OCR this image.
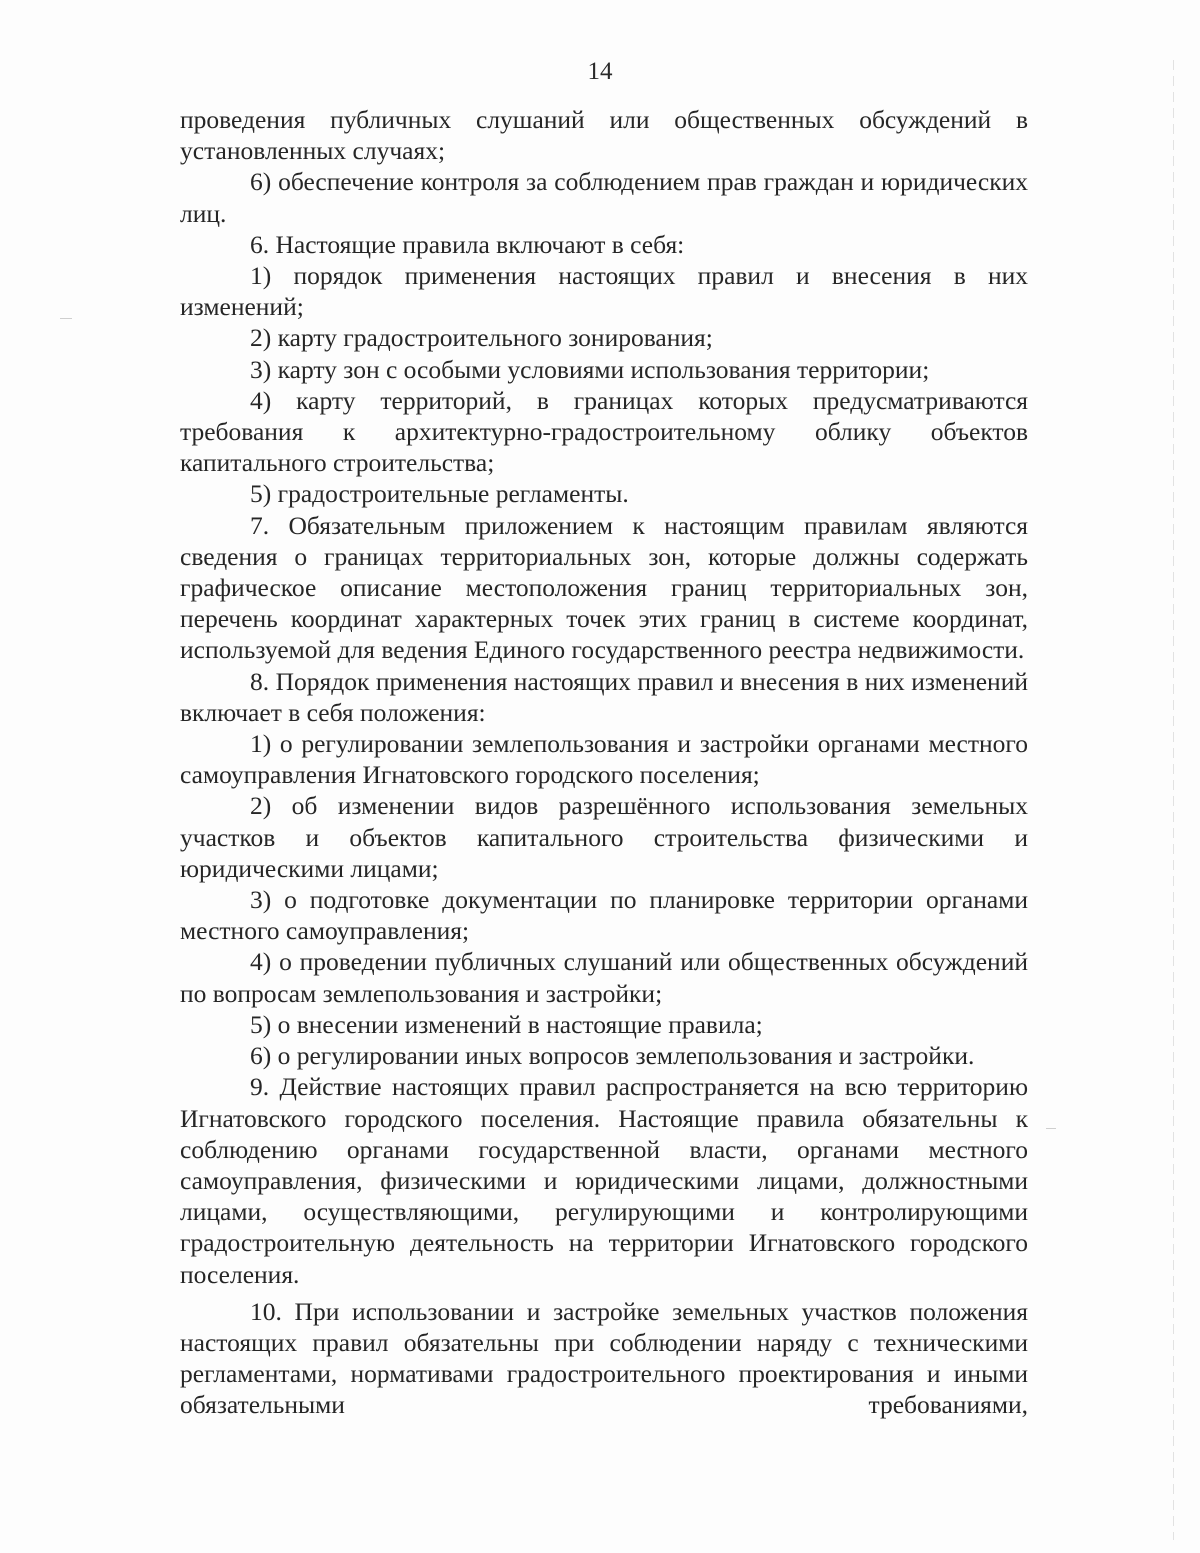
14

проведения публичных слушаний или общественных обсуждений в установленных случаях;

6) обеспечение контроля за соблюдением прав граждан и юридических лиц.

6. Настоящие правила включают в себя:

1) порядок применения настоящих правил и внесения в них изменений;

2) карту градостроительного зонирования;

3) карту зон с особыми условиями использования территории;

4) карту территорий, в границах которых предусматриваются требования к архитектурно-градостроительному облику объектов капитального строительства;

5) градостроительные регламенты.

7. Обязательным приложением к настоящим правилам являются сведения о границах территориальных зон, которые должны содержать графическое описание местоположения границ территориальных зон, перечень координат характерных точек этих границ в системе координат, используемой для ведения Единого государственного реестра недвижимости.

8. Порядок применения настоящих правил и внесения в них изменений включает в себя положения:

1) о регулировании землепользования и застройки органами местного самоуправления Игнатовского городского поселения;

2) об изменении видов разрешённого использования земельных участков и объектов капитального строительства физическими и юридическими лицами;

3) о подготовке документации по планировке территории органами местного самоуправления;

4) о проведении публичных слушаний или общественных обсуждений по вопросам землепользования и застройки;

5) о внесении изменений в настоящие правила;

6) о регулировании иных вопросов землепользования и застройки.

9. Действие настоящих правил распространяется на всю территорию Игнатовского городского поселения. Настоящие правила обязательны к соблюдению органами государственной власти, органами местного самоуправления, физическими и юридическими лицами, должностными лицами, осуществляющими, регулирующими и контролирующими градостроительную деятельность на территории Игнатовского городского поселения.

10. При использовании и застройке земельных участков положения настоящих правил обязательны при соблюдении наряду с техническими регламентами, нормативами градостроительного проектирования и иными обязательными требованиями,
